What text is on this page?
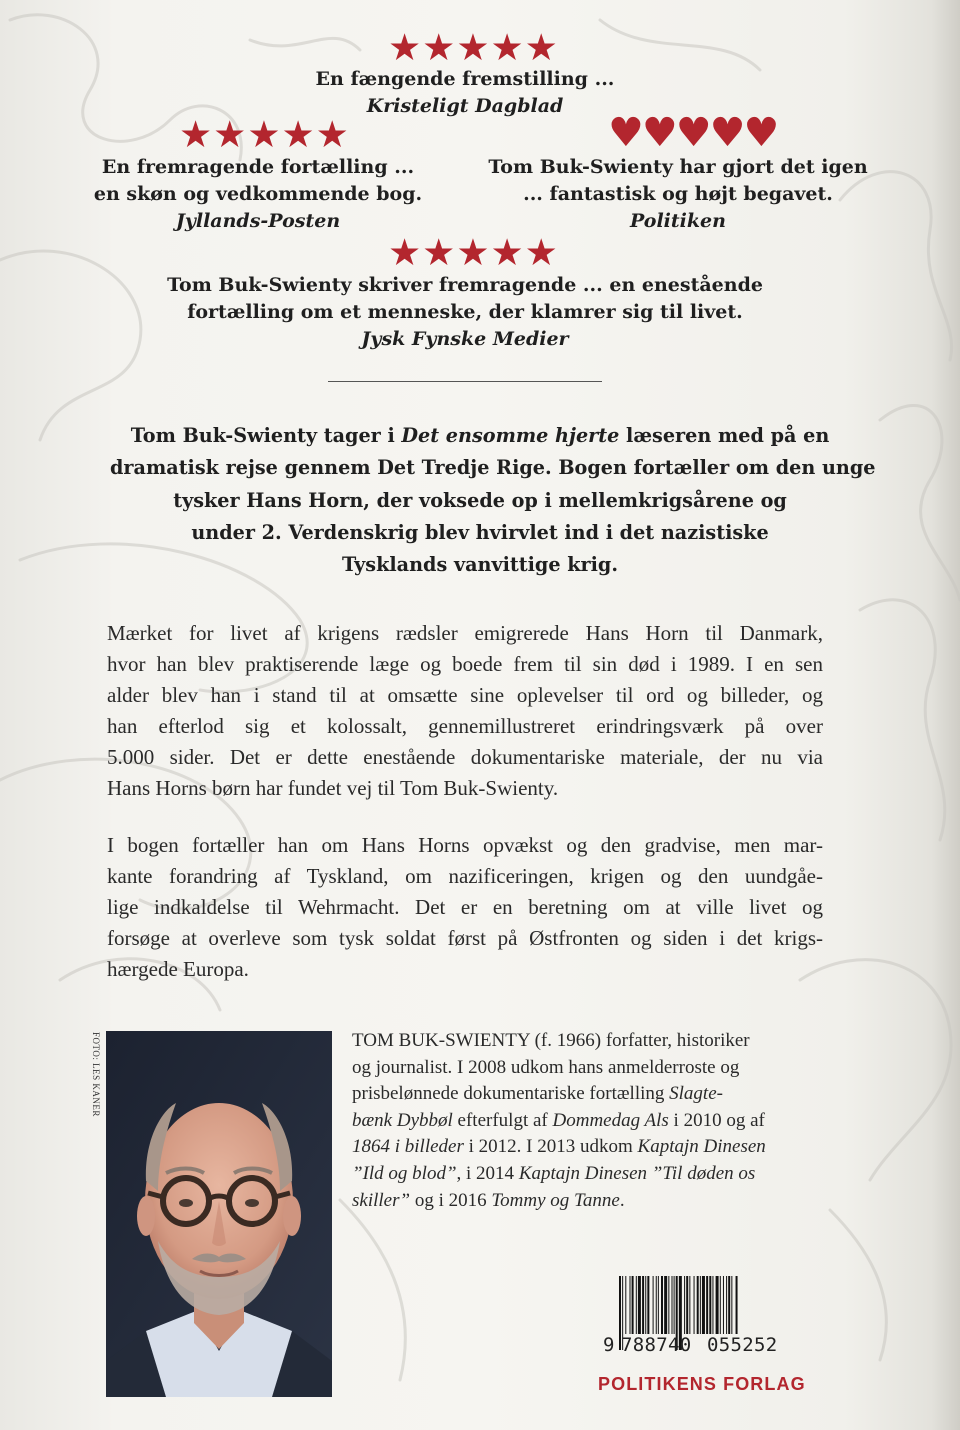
★★★★★
En fængende fremstilling ...
Kristeligt Dagblad
★★★★★
En fremragende fortælling ...
en skøn og vedkommende bog.
Jyllands-Posten
♥♥♥♥♥
Tom Buk-Swienty har gjort det igen
... fantastisk og højt begavet.
Politiken
★★★★★
Tom Buk-Swienty skriver fremragende ... en enestående
fortælling om et menneske, der klamrer sig til livet.
Jysk Fynske Medier
Tom Buk-Swienty tager i Det ensomme hjerte læseren med på en
dramatisk rejse gennem Det Tredje Rige. Bogen fortæller om den unge
tysker Hans Horn, der voksede op i mellemkrigsårene og
under 2. Verdenskrig blev hvirvlet ind i det nazistiske
Tysklands vanvittige krig.
Mærket for livet af krigens rædsler emigrerede Hans Horn til Danmark,
hvor han blev praktiserende læge og boede frem til sin død i 1989. I en sen
alder blev han i stand til at omsætte sine oplevelser til ord og billeder, og
han efterlod sig et kolossalt, gennemillustreret erindringsværk på over
5.000 sider. Det er dette enestående dokumentariske materiale, der nu via
Hans Horns børn har fundet vej til Tom Buk-Swienty.
I bogen fortæller han om Hans Horns opvækst og den gradvise, men mar-
kante forandring af Tyskland, om nazificeringen, krigen og den uundgåe-
lige indkaldelse til Wehrmacht. Det er en beretning om at ville livet og
forsøge at overleve som tysk soldat først på Østfronten og siden i det krigs-
hærgede Europa.
FOTO: LES KANER	TOM BUK-SWIENTY (f. 1966) forfatter, historiker
og journalist. I 2008 udkom hans anmelderroste og
prisbelønnede dokumentariske fortælling Slagte-
bænk Dybbøl efterfulgt af Dommedag Als i 2010 og af
1864 i billeder i 2012. I 2013 udkom Kaptajn Dinesen
”Ild og blod”, i 2014 Kaptajn Dinesen ”Til døden os
skiller” og i 2016 Tommy og Tanne.
9 788740 055252
POLITIKENS FORLAG
